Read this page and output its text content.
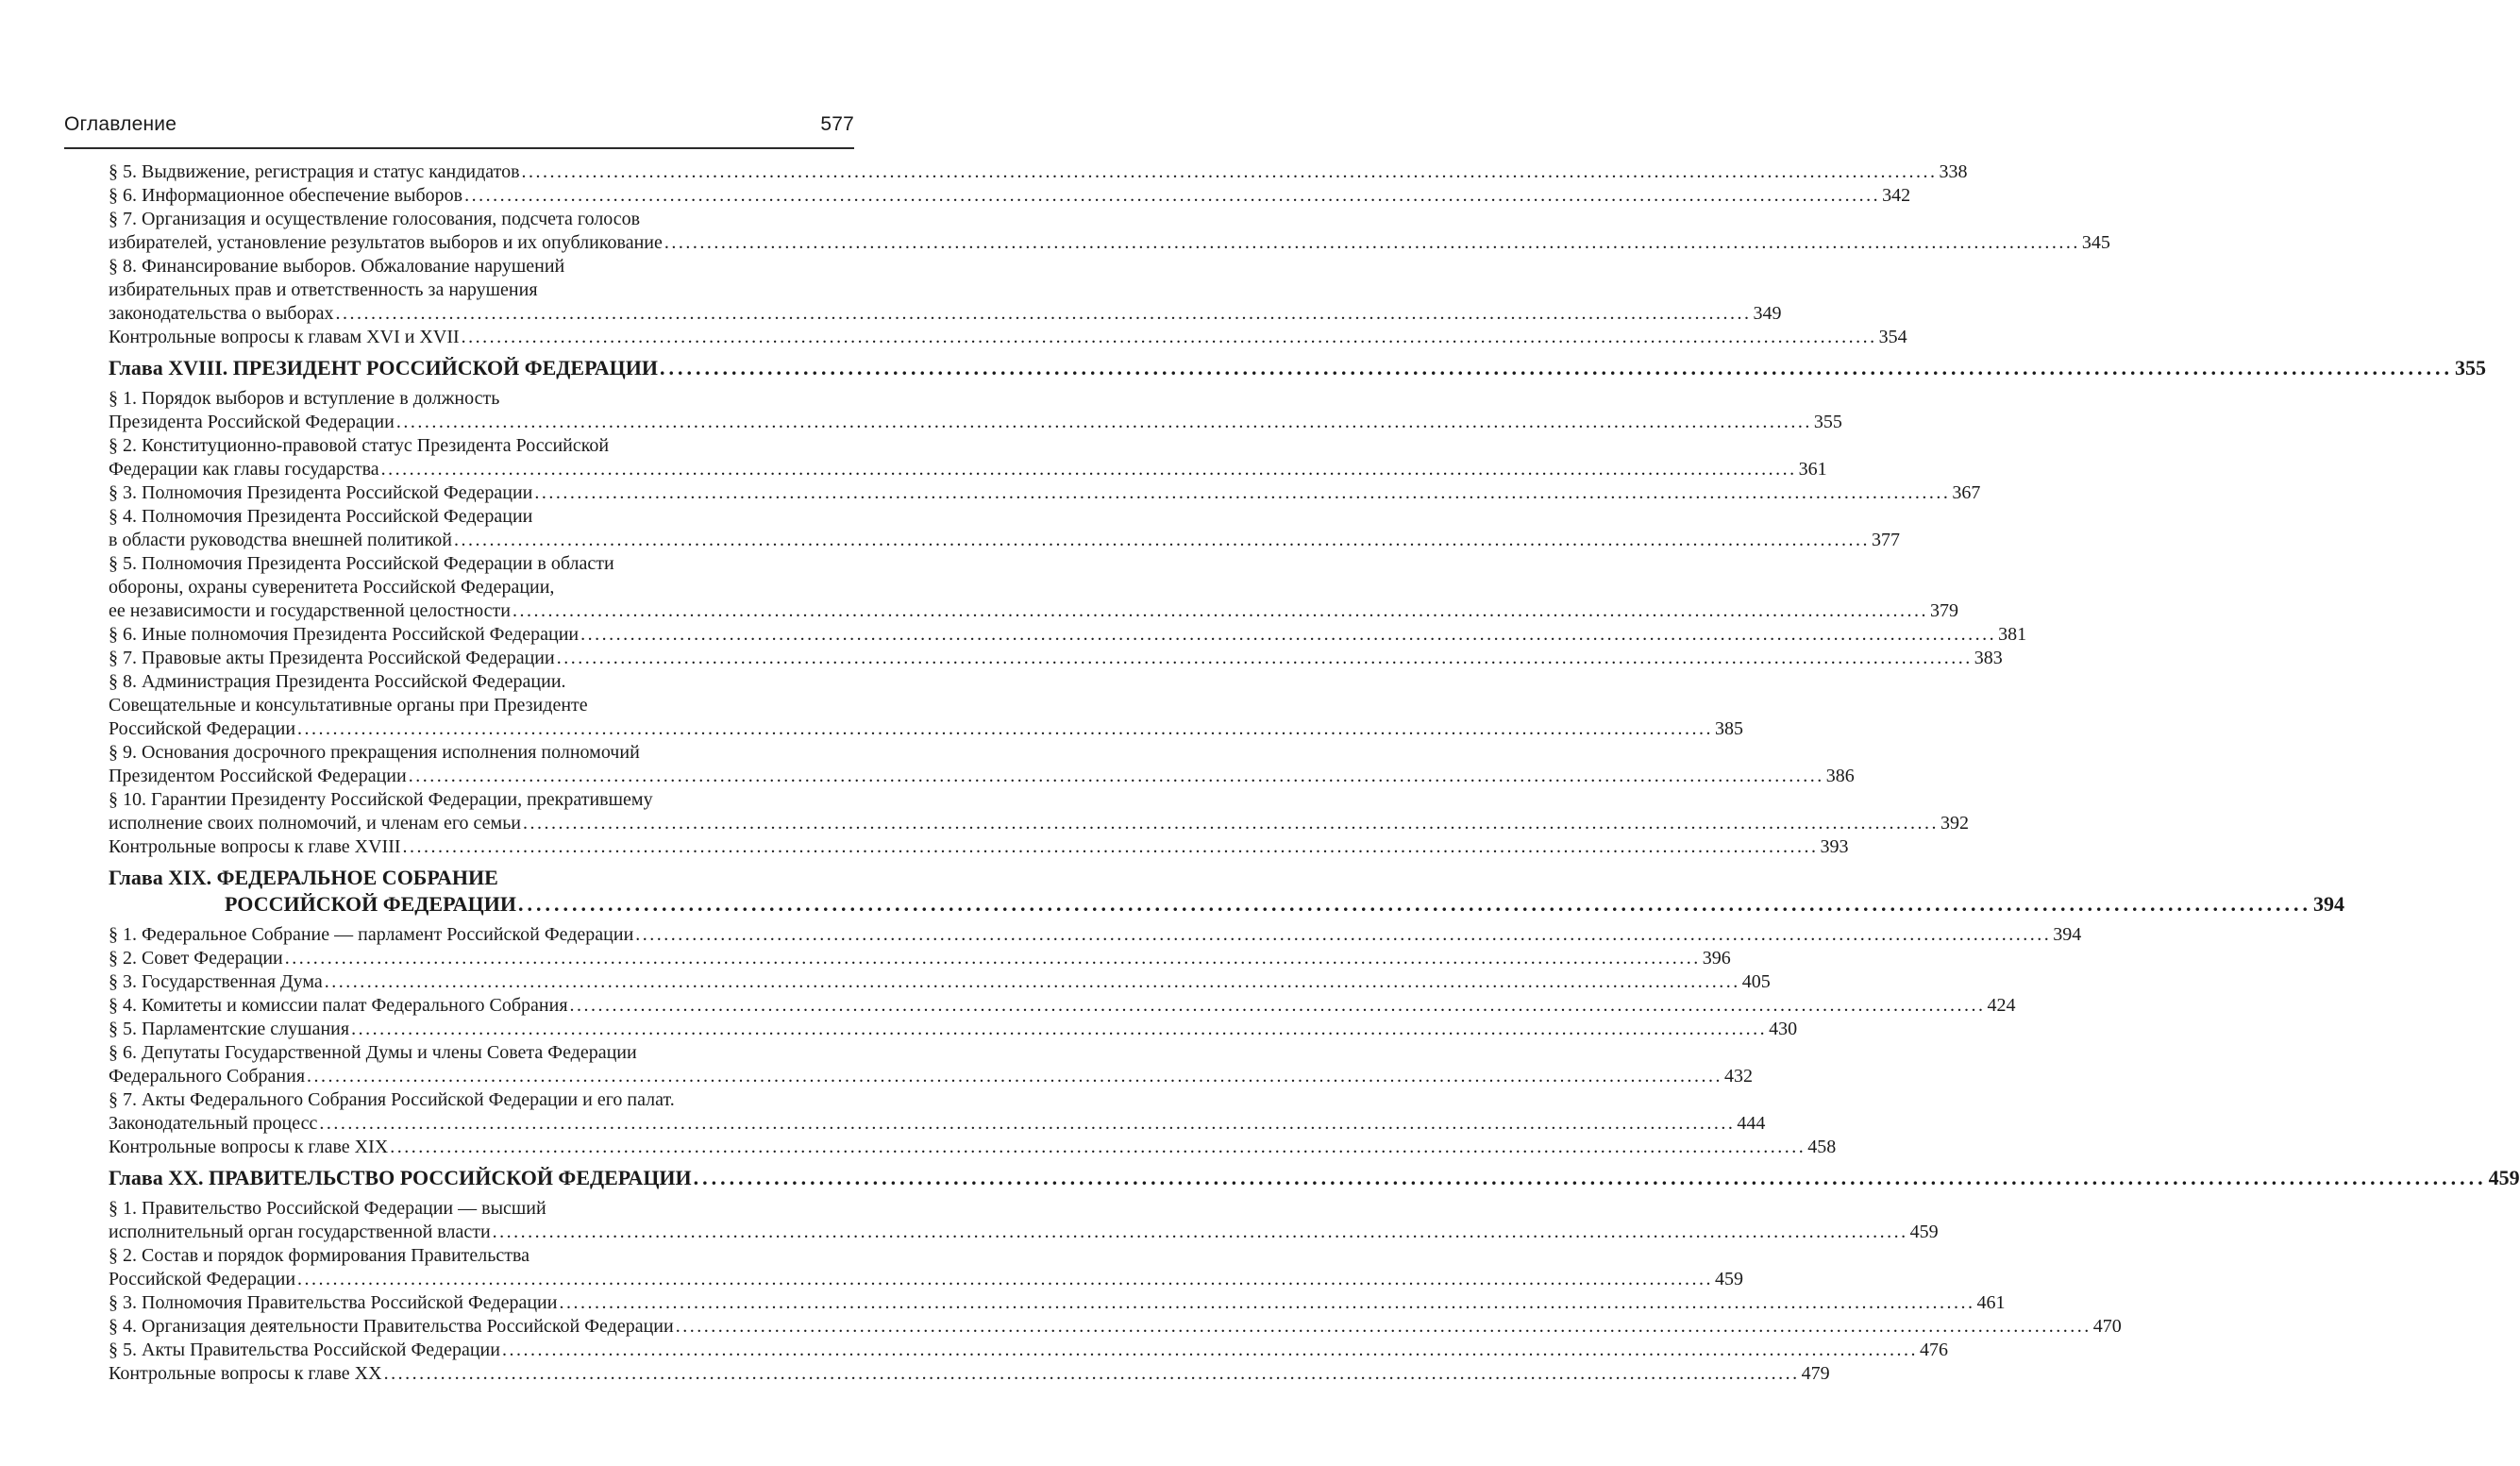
Оглавление	577
§ 5. Выдвижение, регистрация и статус кандидатов ........................................................................................................................................................................................................ 338
§ 6. Информационное обеспечение выборов ........................................................................................................................................................................................................ 342
§ 7. Организация и осуществление голосования, подсчета голосов
избирателей, установление результатов выборов и их опубликование ........................................................................................................................................................................................................ 345
§ 8. Финансирование выборов. Обжалование нарушений
избирательных прав и ответственность за нарушения
законодательства о выборах ........................................................................................................................................................................................................ 349
Контрольные вопросы к главам XVI и XVII ........................................................................................................................................................................................................ 354
Глава XVIII. ПРЕЗИДЕНТ РОССИЙСКОЙ ФЕДЕРАЦИИ ........................................................................................................................................................................................................ 355
§ 1. Порядок выборов и вступление в должность
Президента Российской Федерации ........................................................................................................................................................................................................ 355
§ 2. Конституционно-правовой статус Президента Российской
Федерации как главы государства ........................................................................................................................................................................................................ 361
§ 3. Полномочия Президента Российской Федерации ........................................................................................................................................................................................................ 367
§ 4. Полномочия Президента Российской Федерации
в области руководства внешней политикой ........................................................................................................................................................................................................ 377
§ 5. Полномочия Президента Российской Федерации в области
обороны, охраны суверенитета Российской Федерации,
ее независимости и государственной целостности ........................................................................................................................................................................................................ 379
§ 6. Иные полномочия Президента Российской Федерации ........................................................................................................................................................................................................ 381
§ 7. Правовые акты Президента Российской Федерации ........................................................................................................................................................................................................ 383
§ 8. Администрация Президента Российской Федерации.
Совещательные и консультативные органы при Президенте
Российской Федерации ........................................................................................................................................................................................................ 385
§ 9. Основания досрочного прекращения исполнения полномочий
Президентом Российской Федерации ........................................................................................................................................................................................................ 386
§ 10. Гарантии Президенту Российской Федерации, прекратившему
исполнение своих полномочий, и членам его семьи ........................................................................................................................................................................................................ 392
Контрольные вопросы к главе XVIII ........................................................................................................................................................................................................ 393
Глава XIX. ФЕДЕРАЛЬНОЕ СОБРАНИЕ
РОССИЙСКОЙ ФЕДЕРАЦИИ ........................................................................................................................................................................................................ 394
§ 1. Федеральное Собрание — парламент Российской Федерации ........................................................................................................................................................................................................ 394
§ 2. Совет Федерации ........................................................................................................................................................................................................ 396
§ 3. Государственная Дума ........................................................................................................................................................................................................ 405
§ 4. Комитеты и комиссии палат Федерального Собрания ........................................................................................................................................................................................................ 424
§ 5. Парламентские слушания ........................................................................................................................................................................................................ 430
§ 6. Депутаты Государственной Думы и члены Совета Федерации
Федерального Собрания ........................................................................................................................................................................................................ 432
§ 7. Акты Федерального Собрания Российской Федерации и его палат.
Законодательный процесс ........................................................................................................................................................................................................ 444
Контрольные вопросы к главе XIX ........................................................................................................................................................................................................ 458
Глава XX. ПРАВИТЕЛЬСТВО РОССИЙСКОЙ ФЕДЕРАЦИИ ........................................................................................................................................................................................................ 459
§ 1. Правительство Российской Федерации — высший
исполнительный орган государственной власти ........................................................................................................................................................................................................ 459
§ 2. Состав и порядок формирования Правительства
Российской Федерации ........................................................................................................................................................................................................ 459
§ 3. Полномочия Правительства Российской Федерации ........................................................................................................................................................................................................ 461
§ 4. Организация деятельности Правительства Российской Федерации ........................................................................................................................................................................................................ 470
§ 5. Акты Правительства Российской Федерации ........................................................................................................................................................................................................ 476
Контрольные вопросы к главе XX ........................................................................................................................................................................................................ 479
